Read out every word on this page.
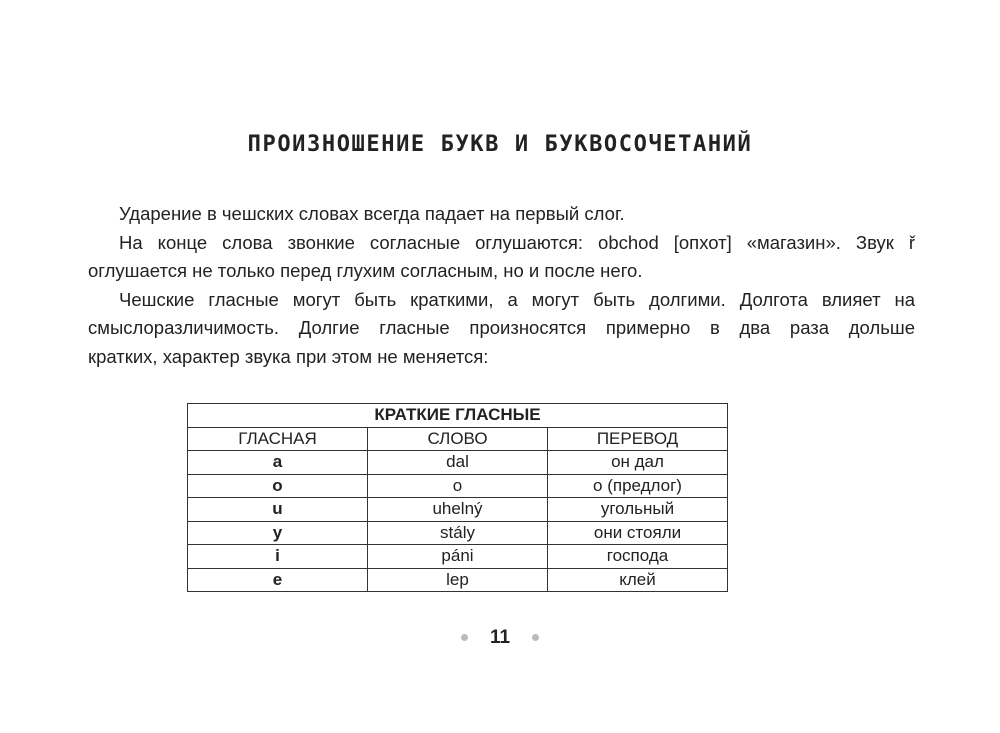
ПРОИЗНОШЕНИЕ БУКВ И БУКВОСОЧЕТАНИЙ
Ударение в чешских словах всегда падает на первый слог.
На конце слова звонкие согласные оглушаются: obchod [опхот] «магазин». Звук ř
оглушается не только перед глухим согласным, но и после него.
Чешские гласные могут быть краткими, а могут быть долгими. Долгота влияет на
смыслоразличимость. Долгие гласные произносятся примерно в два раза дольше
кратких, характер звука при этом не меняется:
КРАТКИЕ ГЛАСНЫЕ		
ГЛАСНАЯ	СЛОВО	ПЕРЕВОД
a	dal	он дал
o	o	o (предлог)
u	uhelný	угольный
y	stály	они стояли
i	páni	господа
e	lep	клей
11
